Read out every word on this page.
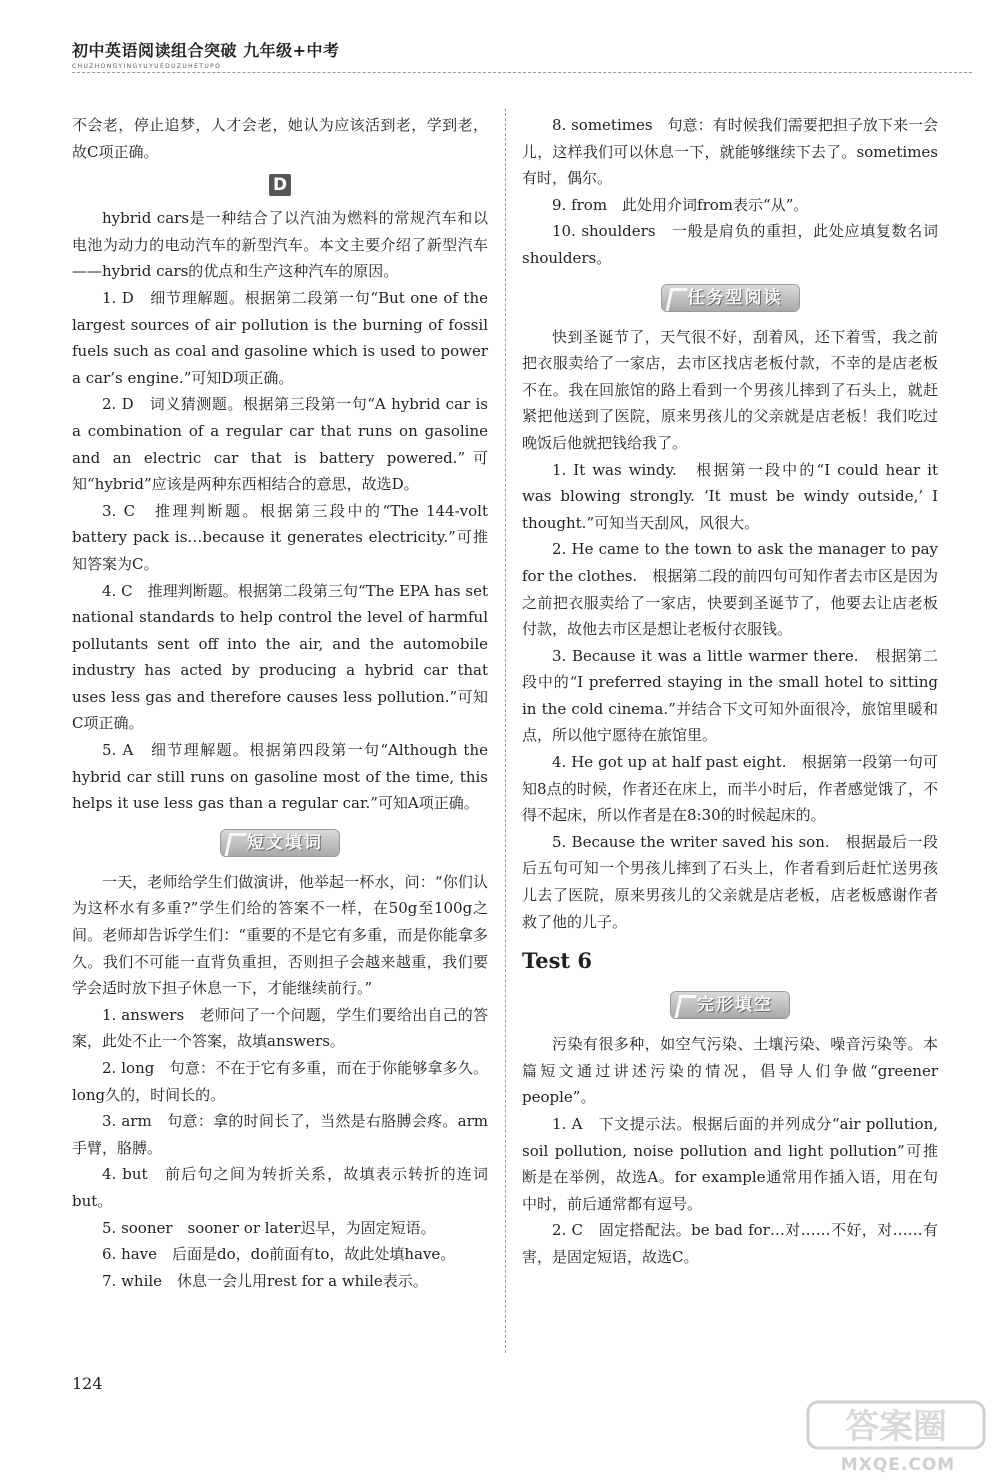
初中英语阅读组合突破 九年级+中考
CHUZHONGYINGYUYUEDUZUHETUPO

不会老，停止追梦，人才会老，她认为应该活到老，学到老，故C项正确。

D

hybrid cars是一种结合了以汽油为燃料的常规汽车和以电池为动力的电动汽车的新型汽车。本文主要介绍了新型汽车——hybrid cars的优点和生产这种汽车的原因。

1. D　细节理解题。根据第二段第一句“But one of the largest sources of air pollution is the burning of fossil fuels such as coal and gasoline which is used to power a car’s engine.”可知D项正确。

2. D　词义猜测题。根据第三段第一句“A hybrid car is a combination of a regular car that runs on gasoline and an electric car that is battery powered.”可知“hybrid”应该是两种东西相结合的意思，故选D。

3. C　推理判断题。根据第三段中的“The 144-volt battery pack is…because it generates electricity.”可推知答案为C。

4. C　推理判断题。根据第二段第三句“The EPA has set national standards to help control the level of harmful pollutants sent off into the air, and the automobile industry has acted by producing a hybrid car that uses less gas and therefore causes less pollution.”可知C项正确。

5. A　细节理解题。根据第四段第一句“Although the hybrid car still runs on gasoline most of the time, this helps it use less gas than a regular car.”可知A项正确。

短文填词

一天，老师给学生们做演讲，他举起一杯水，问：“你们认为这杯水有多重?”学生们给的答案不一样，在50g至100g之间。老师却告诉学生们：“重要的不是它有多重，而是你能拿多久。我们不可能一直背负重担，否则担子会越来越重，我们要学会适时放下担子休息一下，才能继续前行。”

1. answers　老师问了一个问题，学生们要给出自己的答案，此处不止一个答案，故填answers。

2. long　句意：不在于它有多重，而在于你能够拿多久。long久的，时间长的。

3. arm　句意：拿的时间长了，当然是右胳膊会疼。arm手臂，胳膊。

4. but　前后句之间为转折关系，故填表示转折的连词but。

5. sooner　sooner or later迟早，为固定短语。

6. have　后面是do，do前面有to，故此处填have。

7. while　休息一会儿用rest for a while表示。

8. sometimes　句意：有时候我们需要把担子放下来一会儿，这样我们可以休息一下，就能够继续下去了。sometimes有时，偶尔。

9. from　此处用介词from表示“从”。

10. shoulders　一般是肩负的重担，此处应填复数名词shoulders。

任务型阅读

快到圣诞节了，天气很不好，刮着风，还下着雪，我之前把衣服卖给了一家店，去市区找店老板付款，不幸的是店老板不在。我在回旅馆的路上看到一个男孩儿摔到了石头上，就赶紧把他送到了医院，原来男孩儿的父亲就是店老板！我们吃过晚饭后他就把钱给我了。

1. It was windy.　根据第一段中的“I could hear it was blowing strongly. ‘It must be windy outside,’ I thought.”可知当天刮风，风很大。

2. He came to the town to ask the manager to pay for the clothes.　根据第二段的前四句可知作者去市区是因为之前把衣服卖给了一家店，快要到圣诞节了，他要去让店老板付款，故他去市区是想让老板付衣服钱。

3. Because it was a little warmer there.　根据第二段中的“I preferred staying in the small hotel to sitting in the cold cinema.”并结合下文可知外面很冷，旅馆里暖和点，所以他宁愿待在旅馆里。

4. He got up at half past eight.　根据第一段第一句可知8点的时候，作者还在床上，而半小时后，作者感觉饿了，不得不起床，所以作者是在8:30的时候起床的。

5. Because the writer saved his son.　根据最后一段后五句可知一个男孩儿摔到了石头上，作者看到后赶忙送男孩儿去了医院，原来男孩儿的父亲就是店老板，店老板感谢作者救了他的儿子。

Test 6
完形填空

污染有很多种，如空气污染、土壤污染、噪音污染等。本篇短文通过讲述污染的情况，倡导人们争做“greener people”。

1. A　下文提示法。根据后面的并列成分“air pollution, soil pollution, noise pollution and light pollution”可推断是在举例，故选A。for example通常用作插入语，用在句中时，前后通常都有逗号。

2. C　固定搭配法。be bad for…对……不好，对……有害，是固定短语，故选C。

124
答案圈
MXQE.COM
